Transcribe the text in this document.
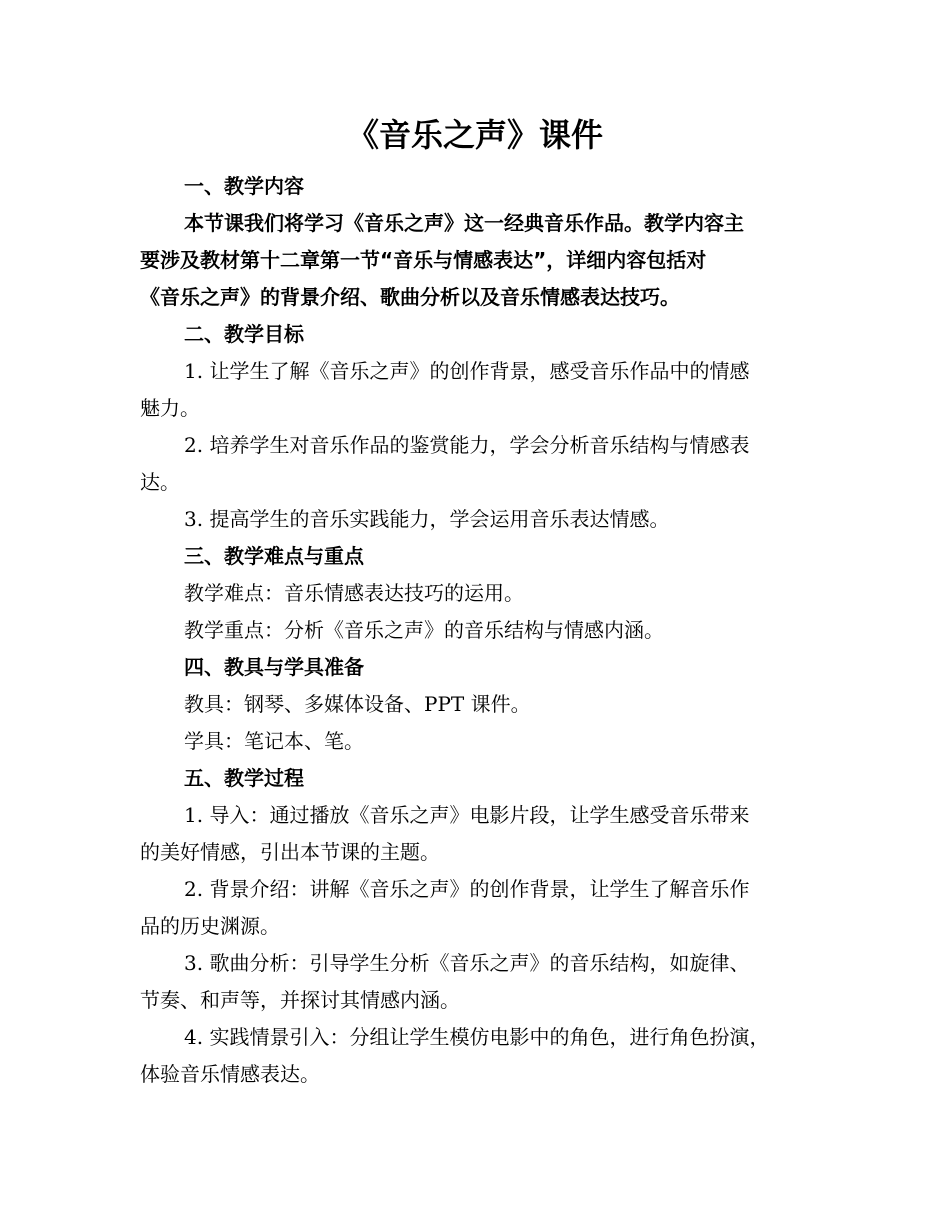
《音乐之声》课件
一、教学内容
本节课我们将学习《音乐之声》这一经典音乐作品。教学内容主
要涉及教材第十二章第一节“音乐与情感表达”，详细内容包括对
《音乐之声》的背景介绍、歌曲分析以及音乐情感表达技巧。
二、教学目标
1. 让学生了解《音乐之声》的创作背景，感受音乐作品中的情感
魅力。
2. 培养学生对音乐作品的鉴赏能力，学会分析音乐结构与情感表
达。
3. 提高学生的音乐实践能力，学会运用音乐表达情感。
三、教学难点与重点
教学难点：音乐情感表达技巧的运用。
教学重点：分析《音乐之声》的音乐结构与情感内涵。
四、教具与学具准备
教具：钢琴、多媒体设备、PPT 课件。
学具：笔记本、笔。
五、教学过程
1. 导入：通过播放《音乐之声》电影片段，让学生感受音乐带来
的美好情感，引出本节课的主题。
2. 背景介绍：讲解《音乐之声》的创作背景，让学生了解音乐作
品的历史渊源。
3. 歌曲分析：引导学生分析《音乐之声》的音乐结构，如旋律、
节奏、和声等，并探讨其情感内涵。
4. 实践情景引入：分组让学生模仿电影中的角色，进行角色扮演，
体验音乐情感表达。
